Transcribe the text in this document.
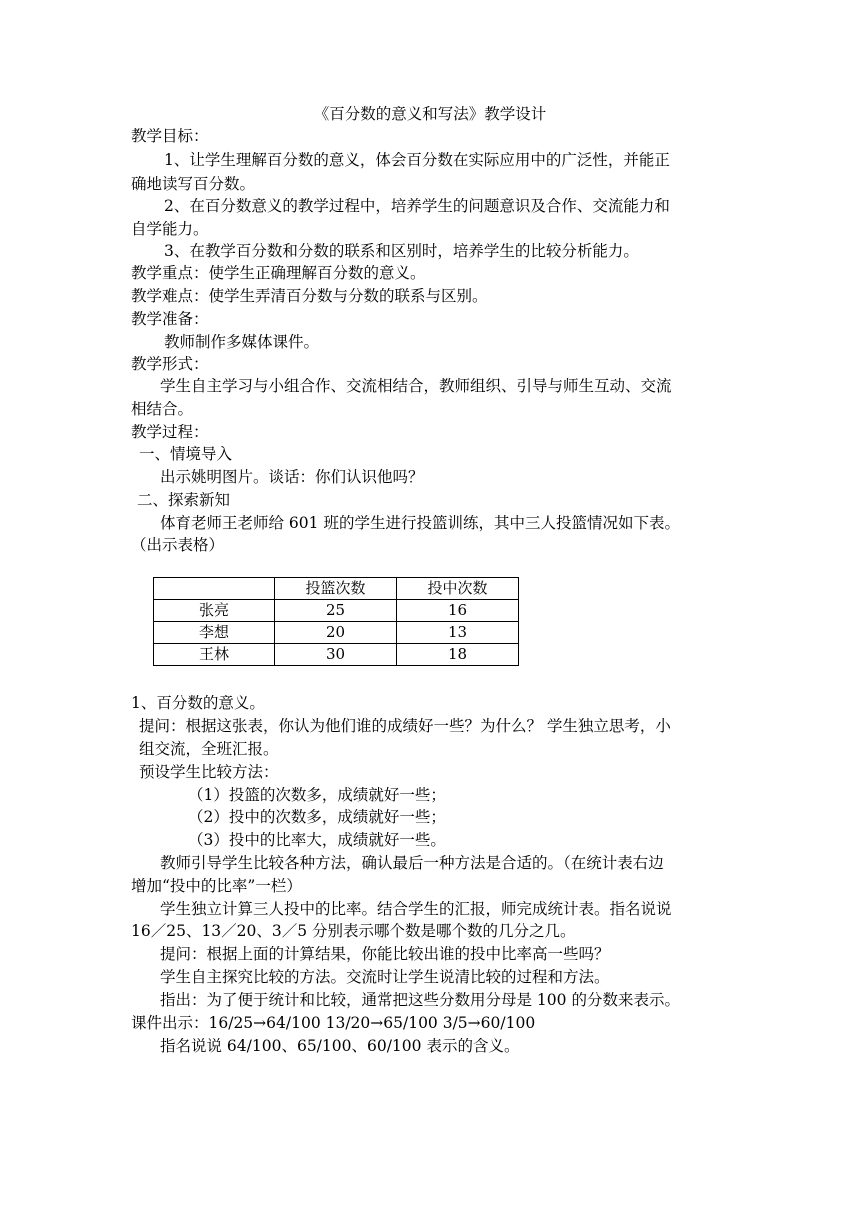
《百分数的意义和写法》教学设计
教学目标：
1、让学生理解百分数的意义，体会百分数在实际应用中的广泛性，并能正
确地读写百分数。
2、在百分数意义的教学过程中，培养学生的问题意识及合作、交流能力和
自学能力。
3、在教学百分数和分数的联系和区别时，培养学生的比较分析能力。
教学重点：使学生正确理解百分数的意义。
教学难点：使学生弄清百分数与分数的联系与区别。
教学准备：
教师制作多媒体课件。
教学形式：
学生自主学习与小组合作、交流相结合，教师组织、引导与师生互动、交流
相结合。
教学过程：
一、情境导入
出示姚明图片。谈话：你们认识他吗？
二、探索新知
体育老师王老师给 601 班的学生进行投篮训练，其中三人投篮情况如下表。
（出示表格）
	投篮次数	投中次数
张亮	25	16
李想	20	13
王林	30	18
1、百分数的意义。
提问：根据这张表，你认为他们谁的成绩好一些？为什么？ 学生独立思考，小
组交流，全班汇报。
预设学生比较方法：
（1）投篮的次数多，成绩就好一些；
（2）投中的次数多，成绩就好一些；
（3）投中的比率大，成绩就好一些。
教师引导学生比较各种方法，确认最后一种方法是合适的。（在统计表右边
增加“投中的比率”一栏）
学生独立计算三人投中的比率。结合学生的汇报，师完成统计表。指名说说
16／25、13／20、3／5 分别表示哪个数是哪个数的几分之几。
提问：根据上面的计算结果，你能比较出谁的投中比率高一些吗？
学生自主探究比较的方法。交流时让学生说清比较的过程和方法。
指出：为了便于统计和比较，通常把这些分数用分母是 100 的分数来表示。
课件出示：16/25→64/100 13/20→65/100 3/5→60/100
指名说说 64/100、65/100、60/100 表示的含义。
